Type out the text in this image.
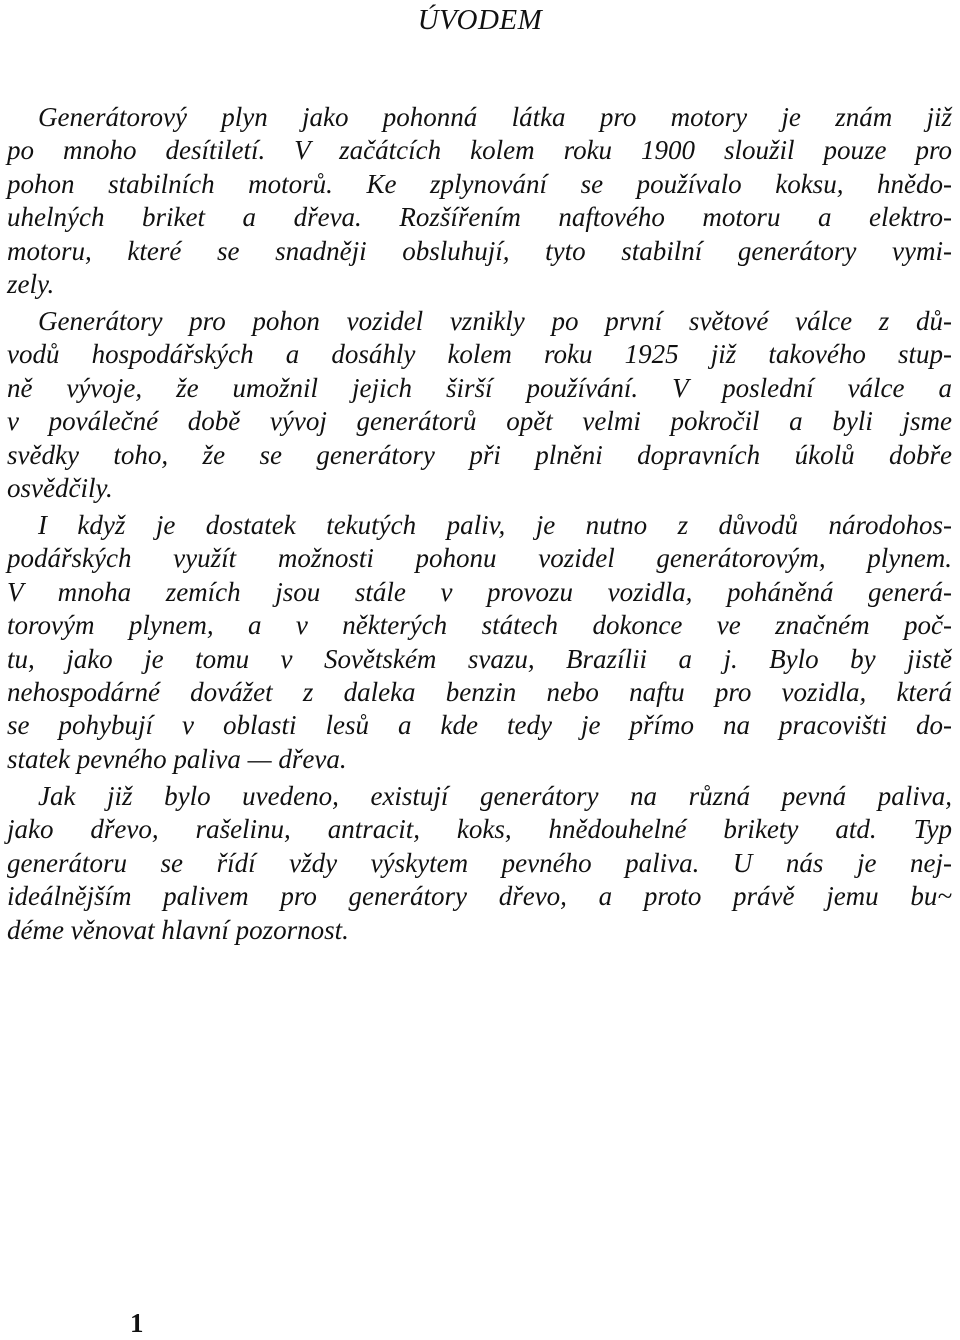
ÚVODEM
Generátorový plyn jako pohonná látka pro motory je znám již
po mnoho desítiletí. V začátcích kolem roku 1900 sloužil pouze pro
pohon stabilních motorů. Ke zplynování se používalo koksu, hnědo-
uhelných briket a dřeva. Rozšířením naftového motoru a elektro-
motoru, které se snadněji obsluhují, tyto stabilní generátory vymi-
zely.
Generátory pro pohon vozidel vznikly po první světové válce z dů-
vodů hospodářských a dosáhly kolem roku 1925 již takového stup-
ně vývoje, že umožnil jejich širší používání. V poslední válce a
v poválečné době vývoj generátorů opět velmi pokročil a byli jsme
svědky toho, že se generátory při plněni dopravních úkolů dobře
osvědčily.
I když je dostatek tekutých paliv, je nutno z důvodů národohos-
podářských využít možnosti pohonu vozidel generátorovým, plynem.
V mnoha zemích jsou stále v provozu vozidla, poháněná generá-
torovým plynem, a v některých státech dokonce ve značném poč-
tu, jako je tomu v Sovětském svazu, Brazílii a j. Bylo by jistě
nehospodárné dovážet z daleka benzin nebo naftu pro vozidla, která
se pohybují v oblasti lesů a kde tedy je přímo na pracovišti do-
statek pevného paliva — dřeva.
Jak již bylo uvedeno, existují generátory na různá pevná paliva,
jako dřevo, rašelinu, antracit, koks, hnědouhelné brikety atd. Typ
generátoru se řídí vždy výskytem pevného paliva. U nás je nej-
ideálnějším palivem pro generátory dřevo, a proto právě jemu bu~
déme věnovat hlavní pozornost.
1
